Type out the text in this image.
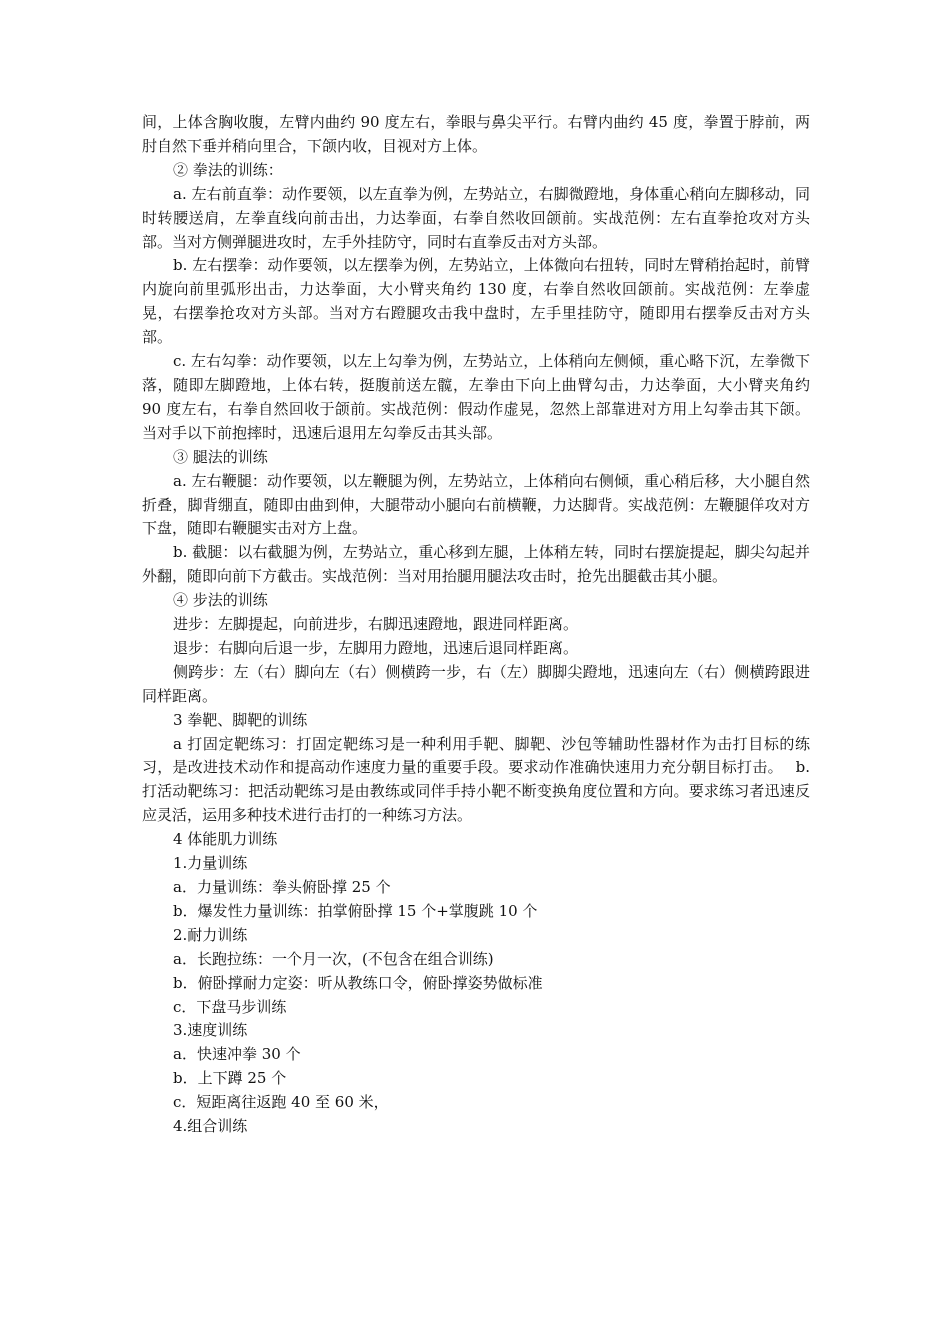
间，上体含胸收腹，左臂内曲约 90 度左右，拳眼与鼻尖平行。右臂内曲约 45 度，拳置于脖前，两肘自然下垂并稍向里合，下颌内收，目视对方上体。

② 拳法的训练：

a. 左右前直拳：动作要领，以左直拳为例，左势站立，右脚微蹬地，身体重心稍向左脚移动，同时转腰送肩，左拳直线向前击出，力达拳面，右拳自然收回颌前。实战范例：左右直拳抢攻对方头部。当对方侧弹腿进攻时，左手外挂防守，同时右直拳反击对方头部。

b. 左右摆拳：动作要领，以左摆拳为例，左势站立，上体微向右扭转，同时左臂稍抬起时，前臂内旋向前里弧形出击，力达拳面，大小臂夹角约 130 度，右拳自然收回颌前。实战范例：左拳虚晃，右摆拳抢攻对方头部。当对方右蹬腿攻击我中盘时，左手里挂防守，随即用右摆拳反击对方头部。

c. 左右勾拳：动作要领，以左上勾拳为例，左势站立，上体稍向左侧倾，重心略下沉，左拳微下落，随即左脚蹬地，上体右转，挺腹前送左髋，左拳由下向上曲臂勾击，力达拳面，大小臂夹角约 90 度左右，右拳自然回收于颌前。实战范例：假动作虚晃，忽然上部靠进对方用上勾拳击其下颌。当对手以下前抱摔时，迅速后退用左勾拳反击其头部。

③ 腿法的训练

a. 左右鞭腿：动作要领，以左鞭腿为例，左势站立，上体稍向右侧倾，重心稍后移，大小腿自然折叠，脚背绷直，随即由曲到伸，大腿带动小腿向右前横鞭，力达脚背。实战范例：左鞭腿佯攻对方下盘，随即右鞭腿实击对方上盘。

b. 截腿：以右截腿为例，左势站立，重心移到左腿，上体稍左转，同时右摆旋提起，脚尖勾起并外翻，随即向前下方截击。实战范例：当对用抬腿用腿法攻击时，抢先出腿截击其小腿。

④ 步法的训练

进步：左脚提起，向前进步，右脚迅速蹬地，跟进同样距离。

退步：右脚向后退一步，左脚用力蹬地，迅速后退同样距离。

侧跨步：左（右）脚向左（右）侧横跨一步，右（左）脚脚尖蹬地，迅速向左（右）侧横跨跟进同样距离。

3 拳靶、脚靶的训练

a 打固定靶练习：打固定靶练习是一种利用手靶、脚靶、沙包等辅助性器材作为击打目标的练习，是改进技术动作和提高动作速度力量的重要手段。要求动作准确快速用力充分朝目标打击。　 b.打活动靶练习：把活动靶练习是由教练或同伴手持小靶不断变换角度位置和方向。要求练习者迅速反应灵活，运用多种技术进行击打的一种练习方法。

4 体能肌力训练

1.力量训练

a．力量训练：拳头俯卧撑 25 个

b．爆发性力量训练：拍掌俯卧撑 15 个+掌腹跳 10 个

2.耐力训练

a．长跑拉练：一个月一次，(不包含在组合训练)

b．俯卧撑耐力定姿：听从教练口令，俯卧撑姿势做标准

c．下盘马步训练

3.速度训练

a．快速冲拳 30 个

b．上下蹲 25 个

c．短距离往返跑 40 至 60 米，

4.组合训练
